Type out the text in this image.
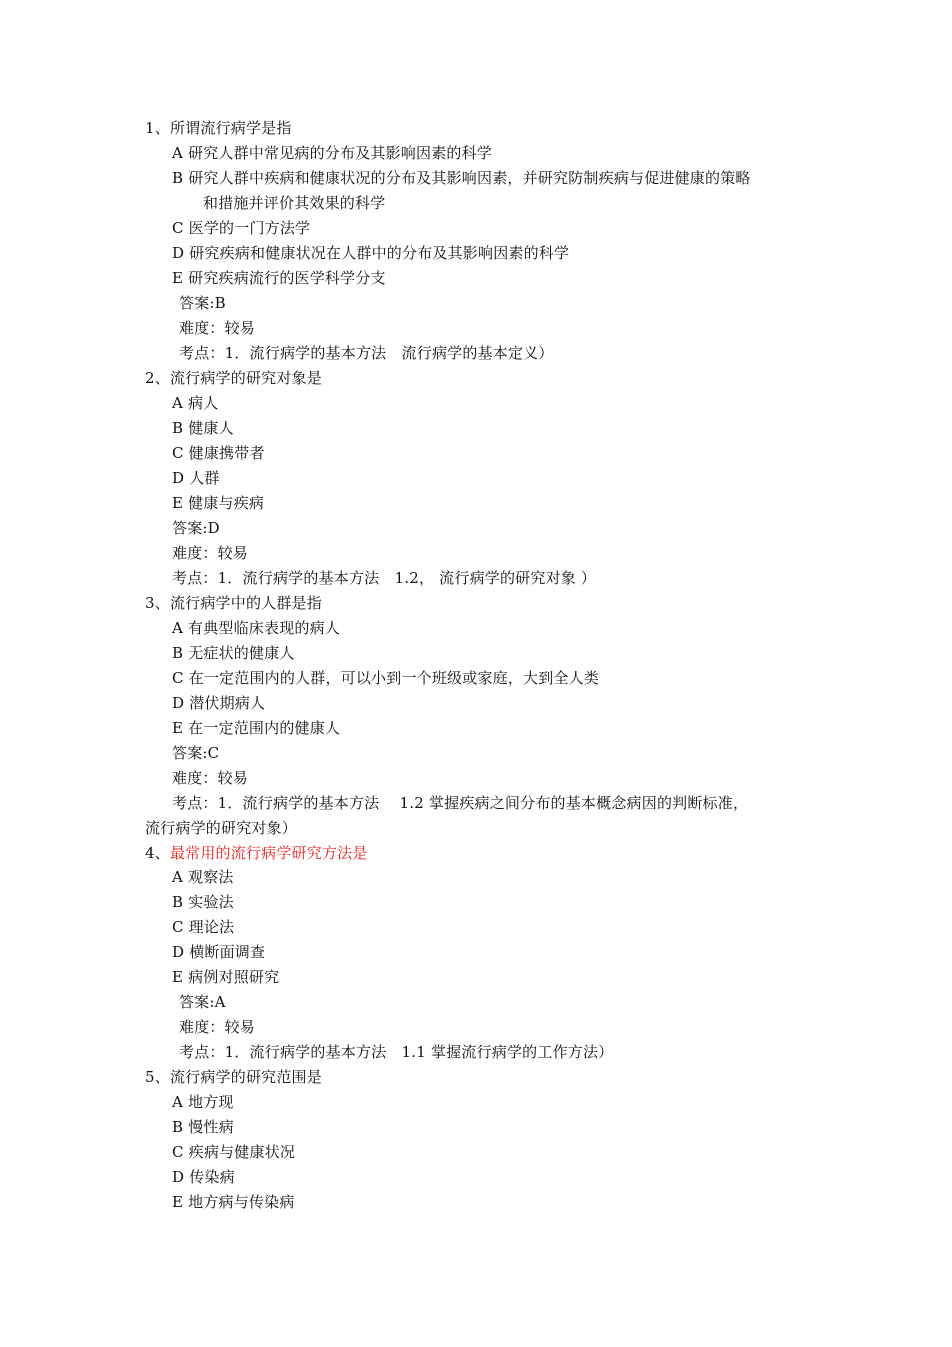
1、所谓流行病学是指
A 研究人群中常见病的分布及其影响因素的科学
B 研究人群中疾病和健康状况的分布及其影响因素，并研究防制疾病与促进健康的策略
和措施并评价其效果的科学
C 医学的一门方法学
D 研究疾病和健康状况在人群中的分布及其影响因素的科学
E 研究疾病流行的医学科学分支
答案:B
难度：较易
考点：1．流行病学的基本方法　流行病学的基本定义）
2、流行病学的研究对象是
A 病人
B 健康人
C 健康携带者
D 人群
E 健康与疾病
答案:D
难度：较易
考点：1．流行病学的基本方法　1.2， 流行病学的研究对象 ）
3、流行病学中的人群是指
A 有典型临床表现的病人
B 无症状的健康人
C 在一定范围内的人群，可以小到一个班级或家庭，大到全人类
D 潜伏期病人
E 在一定范围内的健康人
答案:C
难度：较易
考点：1．流行病学的基本方法　 1.2 掌握疾病之间分布的基本概念病因的判断标准，
流行病学的研究对象）
4、最常用的流行病学研究方法是
A 观察法
B 实验法
C 理论法
D 横断面调查
E 病例对照研究
答案:A
难度：较易
考点：1．流行病学的基本方法　1.1 掌握流行病学的工作方法）
5、流行病学的研究范围是
A 地方现
B 慢性病
C 疾病与健康状况
D 传染病
E 地方病与传染病
